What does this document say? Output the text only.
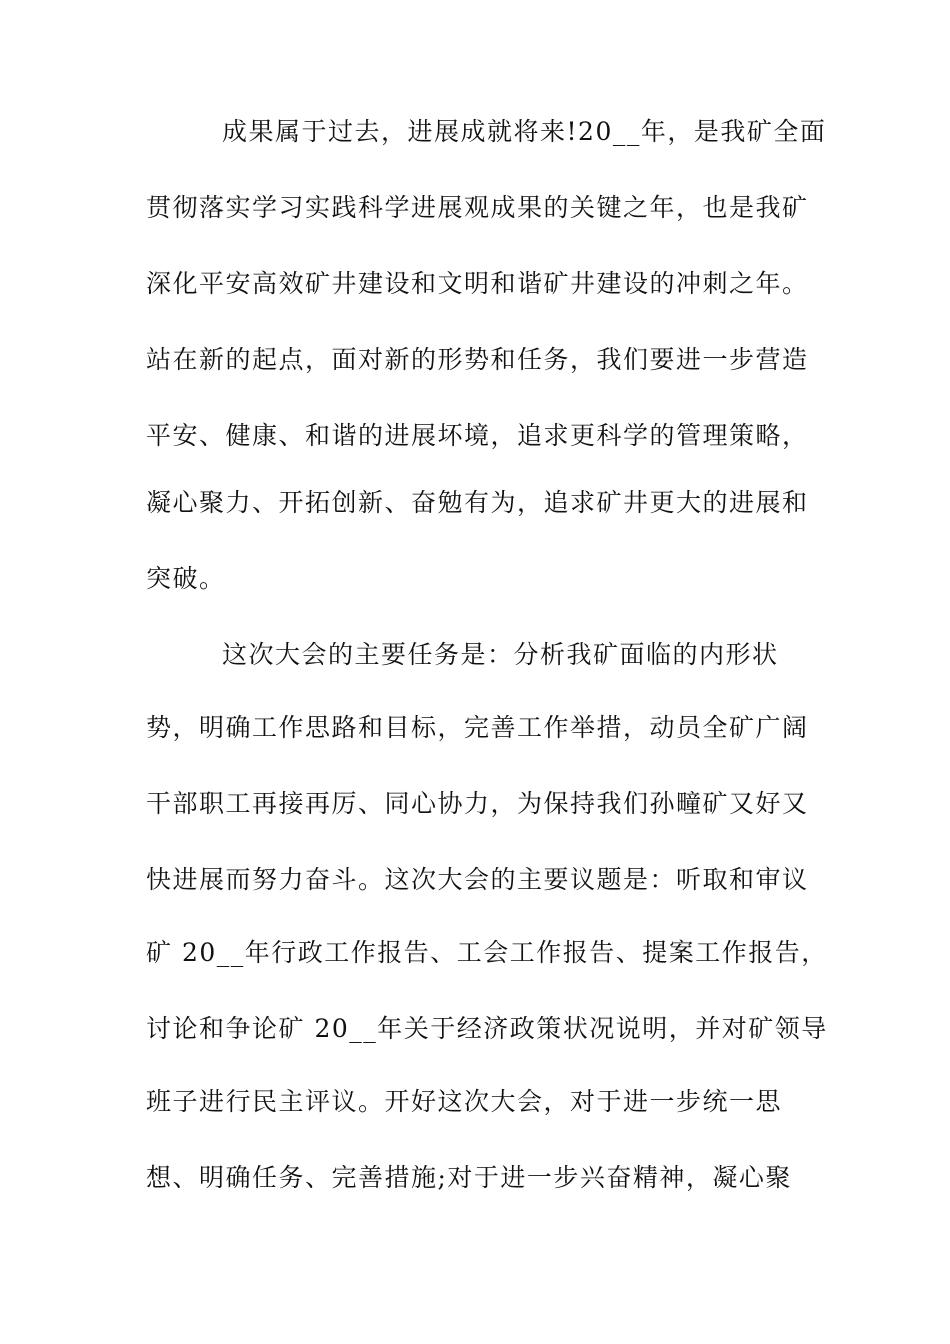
成果属于过去，进展成就将来!20__年，是我矿全面
贯彻落实学习实践科学进展观成果的关键之年，也是我矿
深化平安高效矿井建设和文明和谐矿井建设的冲刺之年。
站在新的起点，面对新的形势和任务，我们要进一步营造
平安、健康、和谐的进展坏境，追求更科学的管理策略，
凝心聚力、开拓创新、奋勉有为，追求矿井更大的进展和
突破。
这次大会的主要任务是：分析我矿面临的内形状
势，明确工作思路和目标，完善工作举措，动员全矿广阔
干部职工再接再厉、同心协力，为保持我们孙疃矿又好又
快进展而努力奋斗。这次大会的主要议题是：听取和审议
矿 20__年行政工作报告、工会工作报告、提案工作报告，
讨论和争论矿 20__年关于经济政策状况说明，并对矿领导
班子进行民主评议。开好这次大会，对于进一步统一思
想、明确任务、完善措施;对于进一步兴奋精神，凝心聚
